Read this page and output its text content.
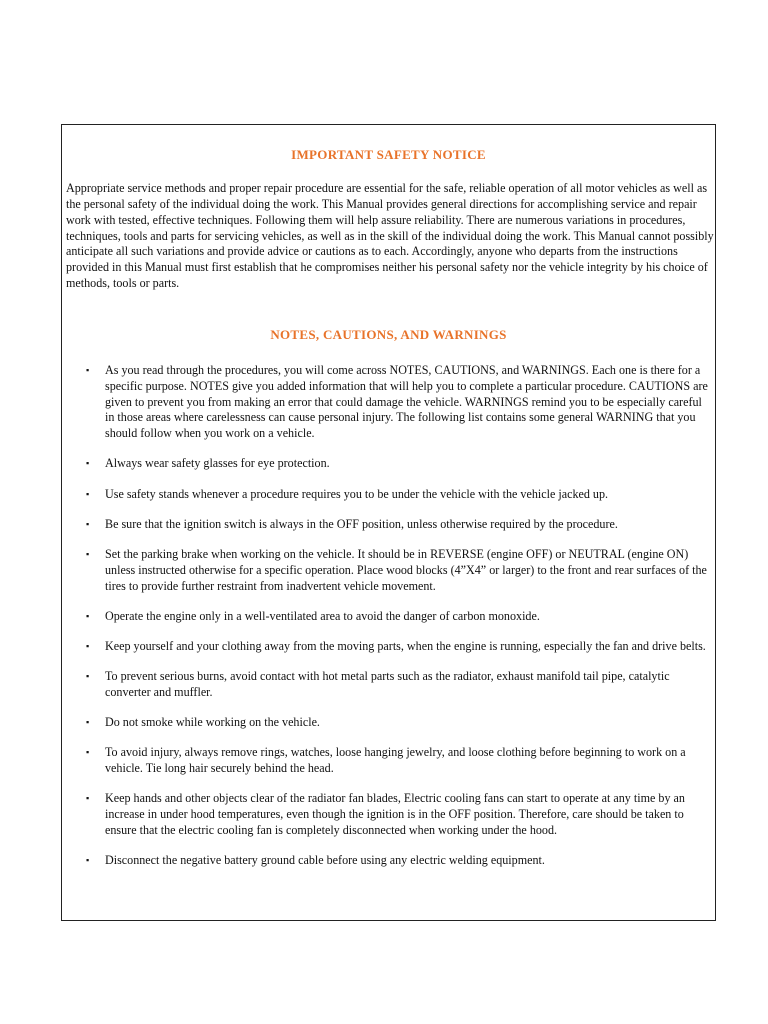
IMPORTANT SAFETY NOTICE

Appropriate service methods and proper repair procedure are essential for the safe, reliable operation of all motor vehicles as well as the personal safety of the individual doing the work. This Manual provides general directions for accomplishing service and repair work with tested, effective techniques. Following them will help assure reliability. There are numerous variations in procedures, techniques, tools and parts for servicing vehicles, as well as in the skill of the individual doing the work. This Manual cannot possibly anticipate all such variations and provide advice or cautions as to each. Accordingly, anyone who departs from the instructions provided in this Manual must first establish that he compromises neither his personal safety nor the vehicle integrity by his choice of methods, tools or parts.

NOTES, CAUTIONS, AND WARNINGS
▪ As you read through the procedures, you will come across NOTES, CAUTIONS, and WARNINGS. Each one is there for a specific purpose. NOTES give you added information that will help you to complete a particular procedure. CAUTIONS are given to prevent you from making an error that could damage the vehicle. WARNINGS remind you to be especially careful in those areas where carelessness can cause personal injury. The following list contains some general WARNING that you should follow when you work on a vehicle.
▪ Always wear safety glasses for eye protection.
▪ Use safety stands whenever a procedure requires you to be under the vehicle with the vehicle jacked up.
▪ Be sure that the ignition switch is always in the OFF position, unless otherwise required by the procedure.
▪ Set the parking brake when working on the vehicle. It should be in REVERSE (engine OFF) or NEUTRAL (engine ON) unless instructed otherwise for a specific operation. Place wood blocks (4”X4” or larger) to the front and rear surfaces of the tires to provide further restraint from inadvertent vehicle movement.
▪ Operate the engine only in a well-ventilated area to avoid the danger of carbon monoxide.
▪ Keep yourself and your clothing away from the moving parts, when the engine is running, especially the fan and drive belts.
▪ To prevent serious burns, avoid contact with hot metal parts such as the radiator, exhaust manifold tail pipe, catalytic converter and muffler.
▪ Do not smoke while working on the vehicle.
▪ To avoid injury, always remove rings, watches, loose hanging jewelry, and loose clothing before beginning to work on a vehicle. Tie long hair securely behind the head.
▪ Keep hands and other objects clear of the radiator fan blades, Electric cooling fans can start to operate at any time by an increase in under hood temperatures, even though the ignition is in the OFF position. Therefore, care should be taken to ensure that the electric cooling fan is completely disconnected when working under the hood.
▪ Disconnect the negative battery ground cable before using any electric welding equipment.
